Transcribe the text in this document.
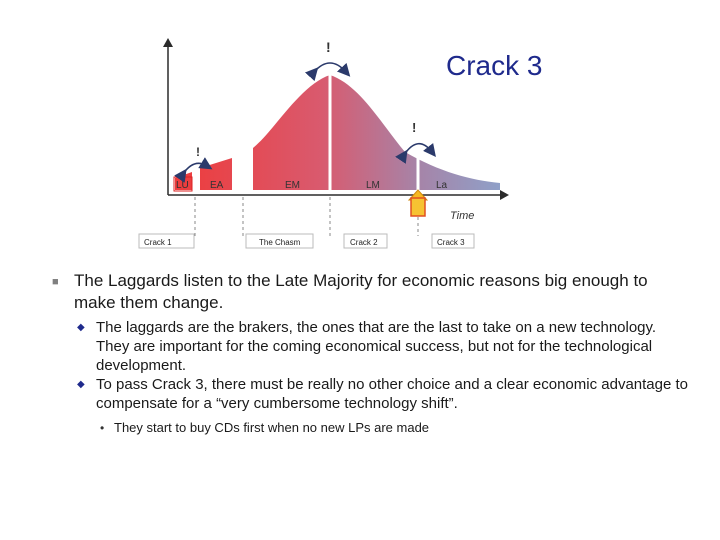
Crack 3
LU EA	EM	LM	La
!
!
!
Time
Crack 1	The Chasm	Crack 2	Crack 3
■ The Laggards listen to the Late Majority for economic reasons big enough to make them change.
◆ The laggards are the brakers, the ones that are the last to take on a new technology. They are important for the coming economical success, but not for the technological development.
◆ To pass Crack 3, there must be really no other choice and a clear economic advantage to compensate for a “very cumbersome technology shift”.
• They start to buy CDs first when no new LPs are made
